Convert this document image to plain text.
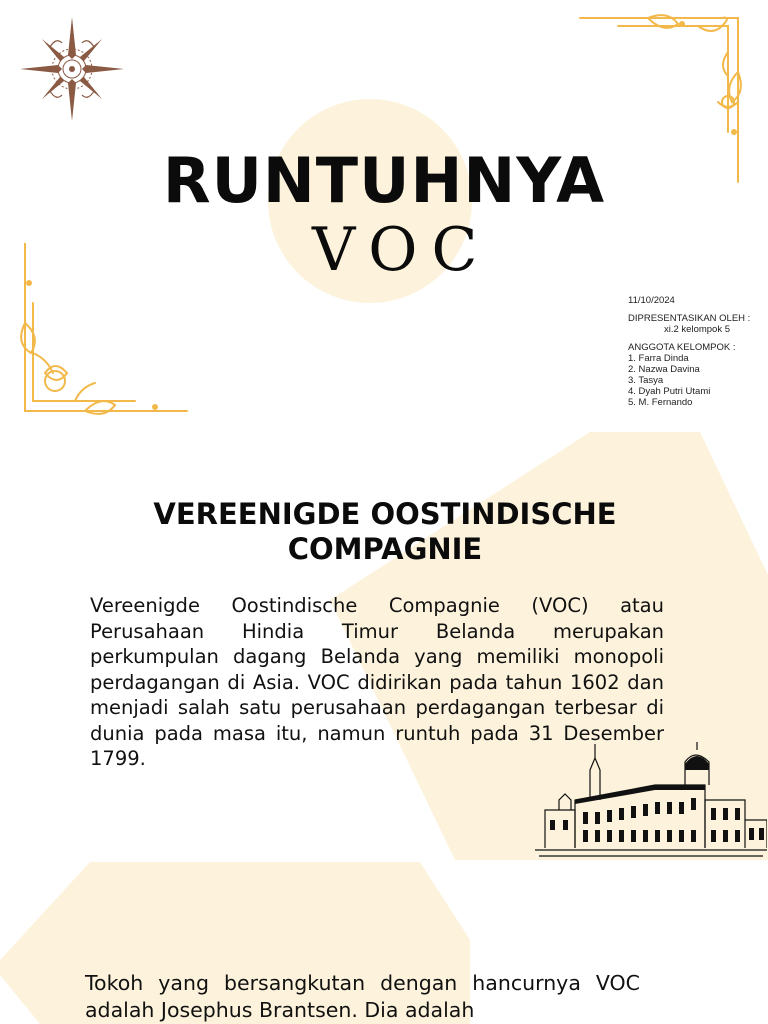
RUNTUHNYA
VOC
11/10/2024
DIPRESENTASIKAN OLEH :
xi.2 kelompok 5
ANGGOTA KELOMPOK :
1. Farra Dinda
2. Nazwa Davina
3. Tasya
4. Dyah Putri Utami
5. M. Fernando
VEREENIGDE OOSTINDISCHE COMPAGNIE
Vereenigde Oostindische Compagnie (VOC) atau Perusahaan Hindia Timur Belanda merupakan perkumpulan dagang Belanda yang memiliki monopoli perdagangan di Asia. VOC didirikan pada tahun 1602 dan menjadi salah satu perusahaan perdagangan terbesar di dunia pada masa itu, namun runtuh pada 31 Desember 1799.
Tokoh yang bersangkutan dengan hancurnya VOC adalah Josephus Brantsen. Dia adalah
